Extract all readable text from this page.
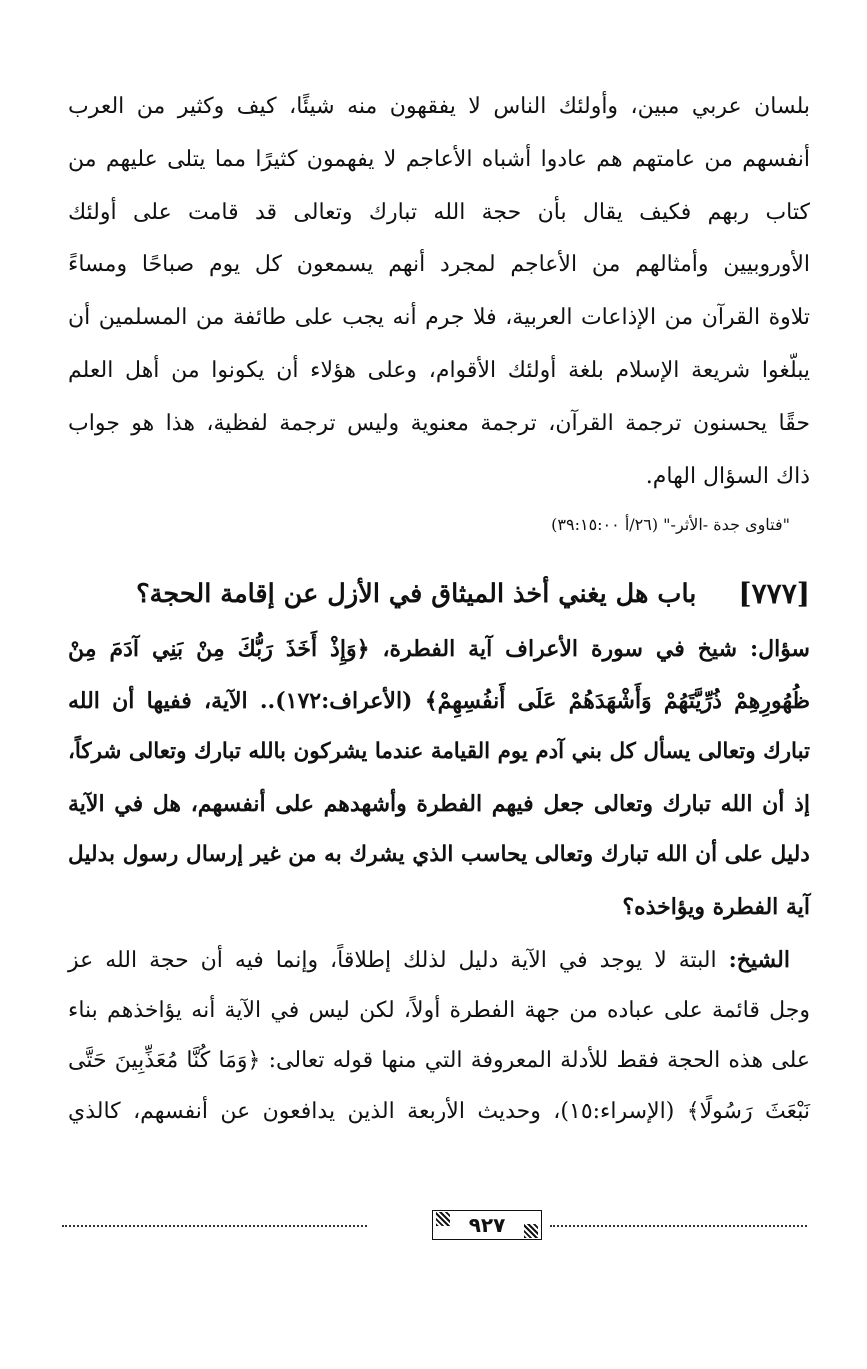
بلسان عربي مبين، وأولئك الناس لا يفقهون منه شيئًا، كيف وكثير من العرب
أنفسهم من عامتهم هم عادوا أشباه الأعاجم لا يفهمون كثيرًا مما يتلى عليهم من
كتاب ربهم فكيف يقال بأن حجة الله تبارك وتعالى قد قامت على أولئك
الأوروبيين وأمثالهم من الأعاجم لمجرد أنهم يسمعون كل يوم صباحًا ومساءً
تلاوة القرآن من الإذاعات العربية، فلا جرم أنه يجب على طائفة من المسلمين أن
يبلّغوا شريعة الإسلام بلغة أولئك الأقوام، وعلى هؤلاء أن يكونوا من أهل العلم
حقًا يحسنون ترجمة القرآن، ترجمة معنوية وليس ترجمة لفظية، هذا هو جواب
ذاك السؤال الهام.
"فتاوى جدة -الأثر-" (٢٦/أ ٣٩:١٥:٠٠)
[٧٧٧]
باب هل يغني أخذ الميثاق في الأزل عن إقامة الحجة؟
سؤال: شيخ في سورة الأعراف آية الفطرة، ﴿وَإِذْ أَخَذَ رَبُّكَ مِنْ بَنِي آدَمَ مِنْ
ظُهُورِهِمْ ذُرِّيَّتَهُمْ وَأَشْهَدَهُمْ عَلَى أَنفُسِهِمْ﴾ (الأعراف:١٧٢).. الآية، ففيها أن الله
تبارك وتعالى يسأل كل بني آدم يوم القيامة عندما يشركون بالله تبارك وتعالى شركاً،
إذ أن الله تبارك وتعالى جعل فيهم الفطرة وأشهدهم على أنفسهم، هل في الآية
دليل على أن الله تبارك وتعالى يحاسب الذي يشرك به من غير إرسال رسول بدليل
آية الفطرة ويؤاخذه؟
الشيخ: البتة لا يوجد في الآية دليل لذلك إطلاقاً، وإنما فيه أن حجة الله عز
وجل قائمة على عباده من جهة الفطرة أولاً، لكن ليس في الآية أنه يؤاخذهم بناء
على هذه الحجة فقط للأدلة المعروفة التي منها قوله تعالى: ﴿وَمَا كُنَّا مُعَذِّبِينَ حَتَّى
نَبْعَثَ رَسُولًا﴾ (الإسراء:١٥)، وحديث الأربعة الذين يدافعون عن أنفسهم، كالذي
٩٢٧
